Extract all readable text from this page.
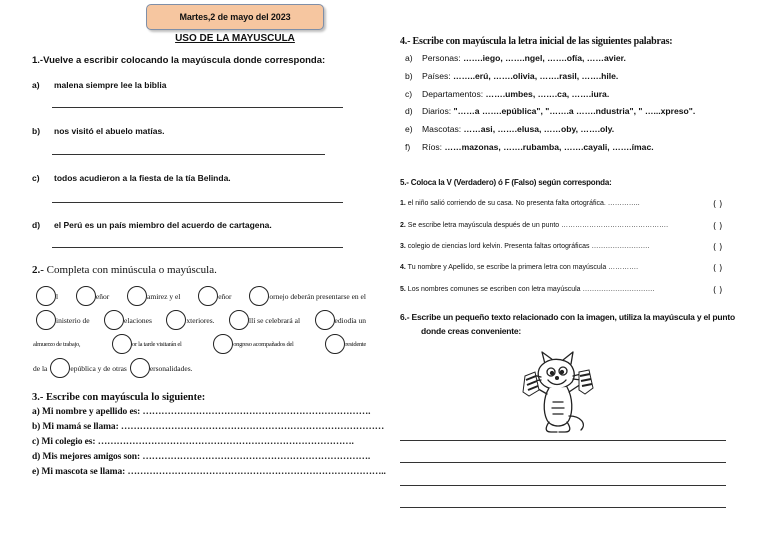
Martes,2 de mayo del 2023
USO DE LA MAYUSCULA
1.-Vuelve a escribir colocando la mayúscula donde corresponda:
a) malena siempre lee la biblia
b) nos visitó el abuelo matías.
c) todos acudieron a la fiesta de la tía Belinda.
d) el Perú es un país miembro del acuerdo de cartagena.
2.- Completa con minúscula o mayúscula.
l	eñor	amirez y el	eñor	ornejo deberán presentarse en el
inisterio de	elaciones	xteriores.	llí se celebrará al	ediodía un
almuerzo de trabajo,	or la tarde visitarán el	ongreso acompañados del	residente
de la	epública y de otras	ersonalidades.
3.- Escribe con mayúscula lo siguiente:
a) Mi nombre y apellido es: ……………………………………………………………….
b) Mi mamá se llama: …………………………………………………………………………
c) Mi colegio es: ……………………………………………………………………….
d) Mis mejores amigos son: ……………………………………………………………….
e) Mi mascota se llama: ………………………………………………………………………..
4.- Escribe con mayúscula la letra inicial de las siguientes palabras:
a) Personas: …….iego, …….ngel, …….ofía, ……avier.
b) Países: ……..erú, …….olivia, …….rasil, …….hile.
c) Departamentos: …….umbes, …….ca, …….iura.
d) Diarios: "……a …….epública", "…….a …….ndustria", " …...xpreso".
e) Mascotas: ……asi, …….elusa, ……oby, …….oly.
f) Ríos: ……mazonas, …….rubamba, …….cayali, …….ímac.
5.- Coloca la V (Verdadero) ó F (Falso) según corresponda:
1. el niño salió corriendo de su casa. No presenta falta ortográfica. …………..	( )
2. Se escribe letra mayúscula después de un punto ……………………………………….	( )
3. colegio de ciencias lord kelvin. Presenta faltas ortográficas …………………….	( )
4. Tu nombre y Apellido, se escribe la primera letra con mayúscula ………….	( )
5. Los nombres comunes se escriben con letra mayúscula ………………………….	( )
6.- Escribe un pequeño texto relacionado con la imagen, utiliza la mayúscula y el punto donde creas conveniente:
